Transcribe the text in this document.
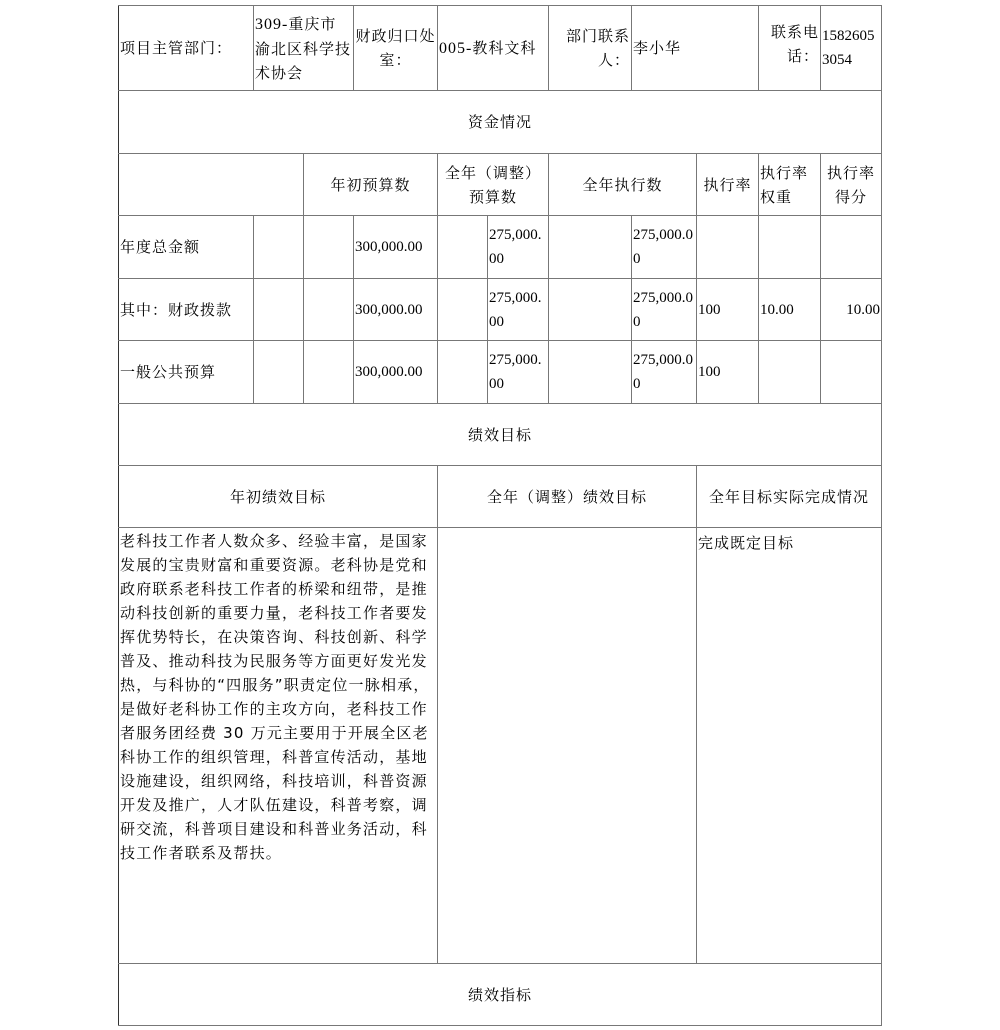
项目主管部门：	309-重庆市渝北区科学技术协会		财政归口处室：	005-教科文科		部门联系人：	李小华		联系电话：	15826053054
资金情况										
		年初预算数		全年（调整）预算数		全年执行数		执行率	执行率权重	执行率得分
年度总金额			300,000.00		275,000.00		275,000.00			
其中：财政拨款			300,000.00		275,000.00		275,000.00	100	10.00	10.00
一般公共预算			300,000.00		275,000.00		275,000.00	100		
绩效目标										
年初绩效目标				全年（调整）绩效目标				全年目标实际完成情况		
老科技工作者人数众多、经验丰富，是国家发展的宝贵财富和重要资源。老科协是党和政府联系老科技工作者的桥梁和纽带，是推动科技创新的重要力量，老科技工作者要发挥优势特长，在决策咨询、科技创新、科学普及、推动科技为民服务等方面更好发光发热，与科协的“四服务”职责定位一脉相承，是做好老科协工作的主攻方向，老科技工作者服务团经费 30 万元主要用于开展全区老科协工作的组织管理，科普宣传活动，基地设施建设，组织网络，科技培训，科普资源开发及推广，人才队伍建设，科普考察，调研交流，科普项目建设和科普业务活动，科技工作者联系及帮扶。								完成既定目标		
绩效指标										
